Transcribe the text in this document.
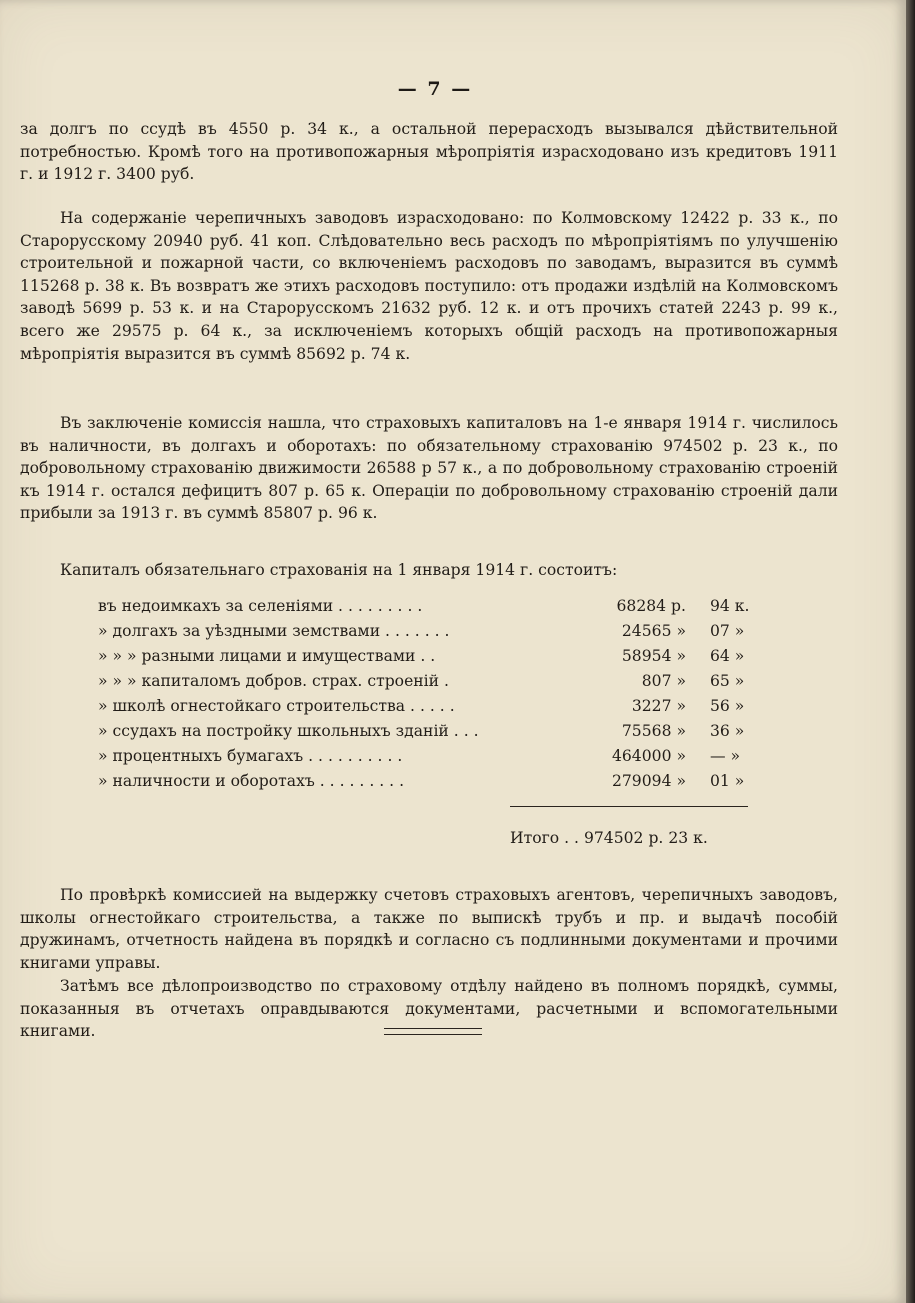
— 7 —

за долгъ по ссудѣ въ 4550 р. 34 к., а остальной перерасходъ вызывался дѣйствительной потребностью. Кромѣ того на противопожарныя мѣропріятія израсходовано изъ кредитовъ 1911 г. и 1912 г. 3400 руб.

На содержаніе черепичныхъ заводовъ израсходовано: по Колмовскому 12422 р. 33 к., по Старорусскому 20940 руб. 41 коп. Слѣдовательно весь расходъ по мѣропріятіямъ по улучшенію строительной и пожарной части, со включеніемъ расходовъ по заводамъ, выразится въ суммѣ 115268 р. 38 к. Въ возвратъ же этихъ расходовъ поступило: отъ продажи издѣлій на Колмовскомъ заводѣ 5699 р. 53 к. и на Старорусскомъ 21632 руб. 12 к. и отъ прочихъ статей 2243 р. 99 к., всего же 29575 р. 64 к., за исключеніемъ которыхъ общій расходъ на противопожарныя мѣропріятія выразится въ суммѣ 85692 р. 74 к.

Въ заключеніе комиссія нашла, что страховыхъ капиталовъ на 1-е января 1914 г. числилось въ наличности, въ долгахъ и оборотахъ: по обязательному страхованію 974502 р. 23 к., по добровольному страхованію движимости 26588 р 57 к., а по добровольному страхованію строеній къ 1914 г. остался дефицитъ 807 р. 65 к. Операціи по добровольному страхованію строеній дали прибыли за 1913 г. въ суммѣ 85807 р. 96 к.

Капиталъ обязательнаго страхованія на 1 января 1914 г. состоитъ:
въ недоимкахъ за селеніями . . . . . . . . .	68284 р. 94 к.
» долгахъ за уѣздными земствами . . . . . . .	24565 » 07 »
» » » разными лицами и имуществами . .	58954 » 64 »
» » » капиталомъ добров. страх. строеній .	807 » 65 »
» школѣ огнестойкаго строительства . . . . .	3227 » 56 »
» ссудахъ на постройку школьныхъ зданій . . .	75568 » 36 »
» процентныхъ бумагахъ . . . . . . . . . .	464000 » — »
» наличности и оборотахъ . . . . . . . . .	279094 » 01 »
Итого . . 974502 р. 23 к.

По провѣркѣ комиссией на выдержку счетовъ страховыхъ агентовъ, черепичныхъ заводовъ, школы огнестойкаго строительства, а также по выпискѣ трубъ и пр. и выдачѣ пособій дружинамъ, отчетность найдена въ порядкѣ и согласно съ подлинными документами и прочими книгами управы.

Затѣмъ все дѣлопроизводство по страховому отдѣлу найдено въ полномъ порядкѣ, суммы, показанныя въ отчетахъ оправдываются документами, расчетными и вспомогательными книгами.
